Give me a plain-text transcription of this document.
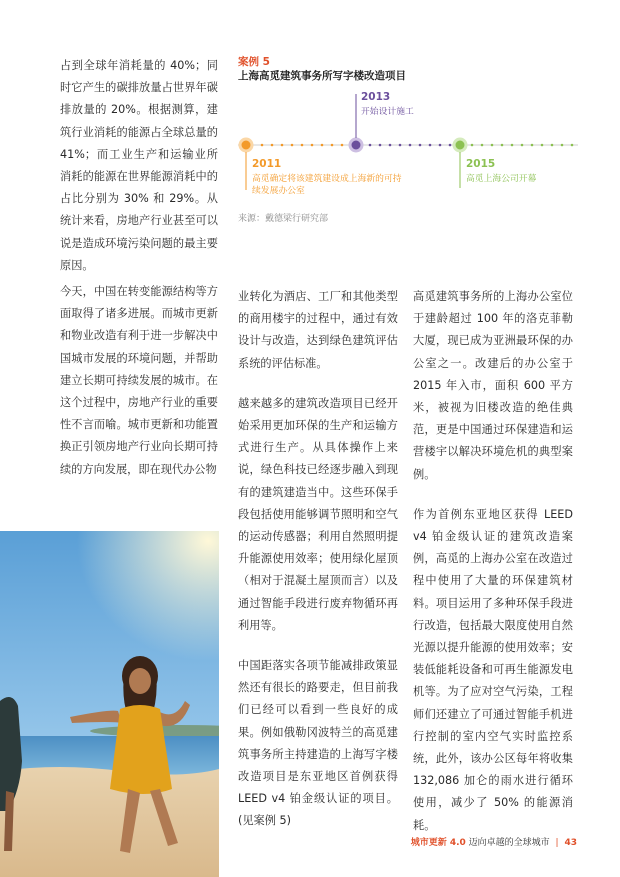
占到全球年消耗量的 40%；同时它产生的碳排放量占世界年碳排放量的 20%。根据测算，建筑行业消耗的能源占全球总量的 41%；而工业生产和运输业所消耗的能源在世界能源消耗中的占比分别为 30% 和 29%。从统计来看，房地产行业甚至可以说是造成环境污染问题的最主要原因。

案例 5
上海高觅建筑事务所写字楼改造项目
2013
开始设计施工
2011
高觅确定将该建筑建设成上海新的可持续发展办公室
2015
高觅上海公司开幕
来源：戴德梁行研究部

今天，中国在转变能源结构等方面取得了诸多进展。而城市更新和物业改造有利于进一步解决中国城市发展的环境问题，并帮助建立长期可持续发展的城市。在这个过程中，房地产行业的重要性不言而喻。城市更新和功能置换正引领房地产行业向长期可持续的方向发展，即在现代办公物

业转化为酒店、工厂和其他类型的商用楼宇的过程中，通过有效设计与改造，达到绿色建筑评估系统的评估标准。

越来越多的建筑改造项目已经开始采用更加环保的生产和运输方式进行生产。从具体操作上来说，绿色科技已经逐步融入到现有的建筑建造当中。这些环保手段包括使用能够调节照明和空气的运动传感器；利用自然照明提升能源使用效率；使用绿化屋顶（相对于混凝土屋顶而言）以及通过智能手段进行废弃物循环再利用等。

中国距落实各项节能减排政策显然还有很长的路要走，但目前我们已经可以看到一些良好的成果。例如俄勒冈波特兰的高觅建筑事务所主持建造的上海写字楼改造项目是东亚地区首例获得 LEED v4 铂金级认证的项目。(见案例 5)

高觅建筑事务所的上海办公室位于建龄超过 100 年的洛克菲勒大厦，现已成为亚洲最环保的办公室之一。改建后的办公室于 2015 年入市，面积 600 平方米，被视为旧楼改造的绝佳典范，更是中国通过环保建造和运营楼宇以解决环境危机的典型案例。

作为首例东亚地区获得 LEED v4 铂金级认证的建筑改造案例，高觅的上海办公室在改造过程中使用了大量的环保建筑材料。项目运用了多种环保手段进行改造，包括最大限度使用自然光源以提升能源的使用效率；安装低能耗设备和可再生能源发电机等。为了应对空气污染，工程师们还建立了可通过智能手机进行控制的室内空气实时监控系统，此外，该办公区每年将收集 132,086 加仑的雨水进行循环使用，减少了 50% 的能源消耗。

城市更新 4.0 迈向卓越的全球城市 | 43
